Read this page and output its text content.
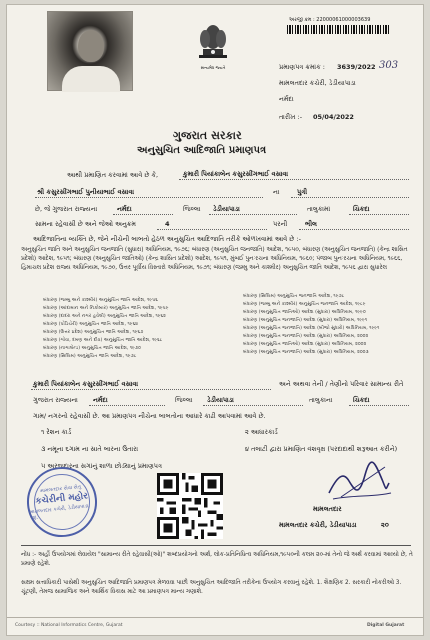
સત્યમેવ જયતે
અરજી ક્રમ : 22000061000003639
પ્રમાણપત્ર ક્રમાંક : 3639/2022 303
મામલતદાર કચેરી, ડેડીયાપાડા
નર્મદા
તારીખ :- 05/04/2022
ગુજરાત સરકાર
અનુસુચિત આદિજાતિ પ્રમાણપત્ર
આથી પ્રમાણિત કરવામાં આવે છે કે,	કુમારી પિયાંકાબેન કસુરસીંગભાઈ વસાવા
શ્રી કસુરસીંગભાઈ પુનીયાભાઈ વસાવા	ના	પુત્રી
છે, જે ગુજરાત રાજ્યના	નર્મદા	જિલ્લા ડેડીયાપાડા	તાલુકામાં	ચિકદા
સામના રહેવાસી છે અને જેઓ અનુક્રમ	4	પરની	ભીલ
આદિજાતિના વ્યક્તિ છે, જેને નીચેની બાબતો હેઠળ અનુસુચિત આદિજાતિ તરીકે ઓળખવામાં આવે છે :-
અનુસુચિત જાતિ અને અનુસુચિત જનજાતિ (સુધારા) અધિનિયમ, ૧૯૭૬; બંધારણ (અનુસુચિત જનજાતિ) આદેશ, ૧૯૫૦, બંધારણ (અનુસુચિત જનજાતિ) (કેન્દ્ર શાસિત પ્રદેશો) આદેશ, ૧૯૫૧; બંધારણ (અનુસુચિત જાતિઓ) (કેન્દ્ર શાસિત પ્રદેશો) આદેશ, ૧૯૫૧, મુંબઈ પુનઃરચના અધિનિયમ, ૧૯૬૦; પંજાબ પુનઃરચના અધિનિયમ, ૧૯૬૬, હિમાચલ પ્રદેશ રાજ્ય અધિનિયમ, ૧૯૭૦, ઉત્તર પૂર્વીય વિસ્તારો અધિનિયમ, ૧૯૭૧; બંધારણ (જમ્મુ અને કાશ્મીર) અનુસુચિત જાતિ આદેશ, ૧૯૫૬ દ્વારા સુધારેલ
બંધારણ (જમ્મુ અને કાશ્મીર) અનુસુચિત જાતિ આદેશ, ૧૯૫૬
બંધારણ (આંદામાન અને નિકોબાર) અનુસુચિત જાતિ આદેશ, ૧૯૫૯
બંધારણ (દાદરા અને નગર હવેલી) અનુસુચિત જાતિ આદેશ, ૧૯૬૨
બંધારણ (પોંડિચેરી) અનુસુચિત જાતિ આદેશ, ૧૯૬૪
બંધારણ (ઉત્તર પ્રદેશ) અનુસુચિત જાતિ આદેશ, ૧૯૬૭
બંધારણ (ગોવા, દમણ અને દીવ) અનુસુચિત જાતિ આદેશ, ૧૯૬૮
બંધારણ (નાગાલેન્ડ) અનુસુચિત જાતિ આદેશ, ૧૯૭૦
બંધારણ (સિક્કિમ) અનુસુચિત જાતિ આદેશ, ૧૯૭૮
બંધારણ (સિક્કિમ) અનુસુચિત જનજાતિ આદેશ, ૧૯૭૮
બંધારણ (જમ્મુ અને કાશ્મીર) અનુસુચિત જનજાતિ આદેશ, ૧૯૮૯
બંધારણ (અનુસુચિત જાતિઓ) આદેશ (સુધારા) અધિનિયમ, ૧૯૯૦
બંધારણ (અનુસુચિત જનજાતિ) આદેશ (સુધારા) અધિનિયમ, ૧૯૯૧
બંધારણ (અનુસુચિત જનજાતિ) આદેશ (બીજો સુધારો) અધિનિયમ, ૧૯૯૧
બંધારણ (અનુસુચિત જનજાતિ) આદેશ (સુધારા) અધિનિયમ, ૨૦૦૨
બંધારણ (અનુસુચિત જાતિઓ) આદેશ (સુધારા) અધિનિયમ, ૨૦૦૨
બંધારણ (અનુસુચિત જનજાતિ) આદેશ (સુધારા) અધિનિયમ, ૨૦૦૩
કુમારી પિયાંકાબેન કસુરસીંગભાઈ વસાવા	અને અથવા તેની / તેણીનો પરિવાર સામાન્ય રીતે
ગુજરાત રાજ્યના નર્મદા	જિલ્લા ડેડીયાપાડા	તાલુકાના	ચિકદા
ગામ/ નગરનો રહેવાસી છે. આ પ્રમાણપત્ર નીચેના બાબતોના આધારે કાઢી આપવામાં આવે છે.
૧ રેશન કાર્ડ	૨ આધારકાર્ડ
૩ નમૂના ૬ગામ ના સાતે બારના ઉતારા	૪ તલાટી દ્વારા પ્રમાણિત વંશવૃક્ષ (પરદાદાથી શરૂઆત કરીને)
૫ અરજદારના સગાંનું શાળા છોડ્યાનું પ્રમાણપત્ર
મામલતદાર સેવા સેતુ
કચેરીની મહોર
મામલતદાર કચેરી, ડેડીયાપાડા, જી.
મામલતદાર
મામલતદાર કચેરી, ડેડીયાપાડા	૨૦
નોંધ :- અહીં ઉપયોગમાં લેવાયેલ "સામાન્ય રીતે રહેવાસી(ઓ)" શબ્દપ્રયોગનો અર્થ, લોક-પ્રતિનિધિત્વ અધિનિયમ,૧૯૫૦ની કલમ ૨૦-માં તેનો જે અર્થ કરવામાં આવ્યો છે, તે પ્રમાણે રહેશે.
સક્ષમ સત્તાધિકારી પાસેથી અનુસુચિત આદિજાતિ પ્રમાણપત્ર મેળવવા પાછી અનુસુચિત આદિજાતિ તરીકેના ઉપયોગ કરવાનું રહેશે. 1. શૈક્ષણિક 2. સરકારી નોકરીઓ 3. ચૂંટણી, તેમજ સામાજિક અને આર્થિક વિકાસ માટે આ પ્રમાણપત્ર માન્ય ગણાશે.
Courtesy :: National Informatics Centre, Gujarat	Digital Gujarat
